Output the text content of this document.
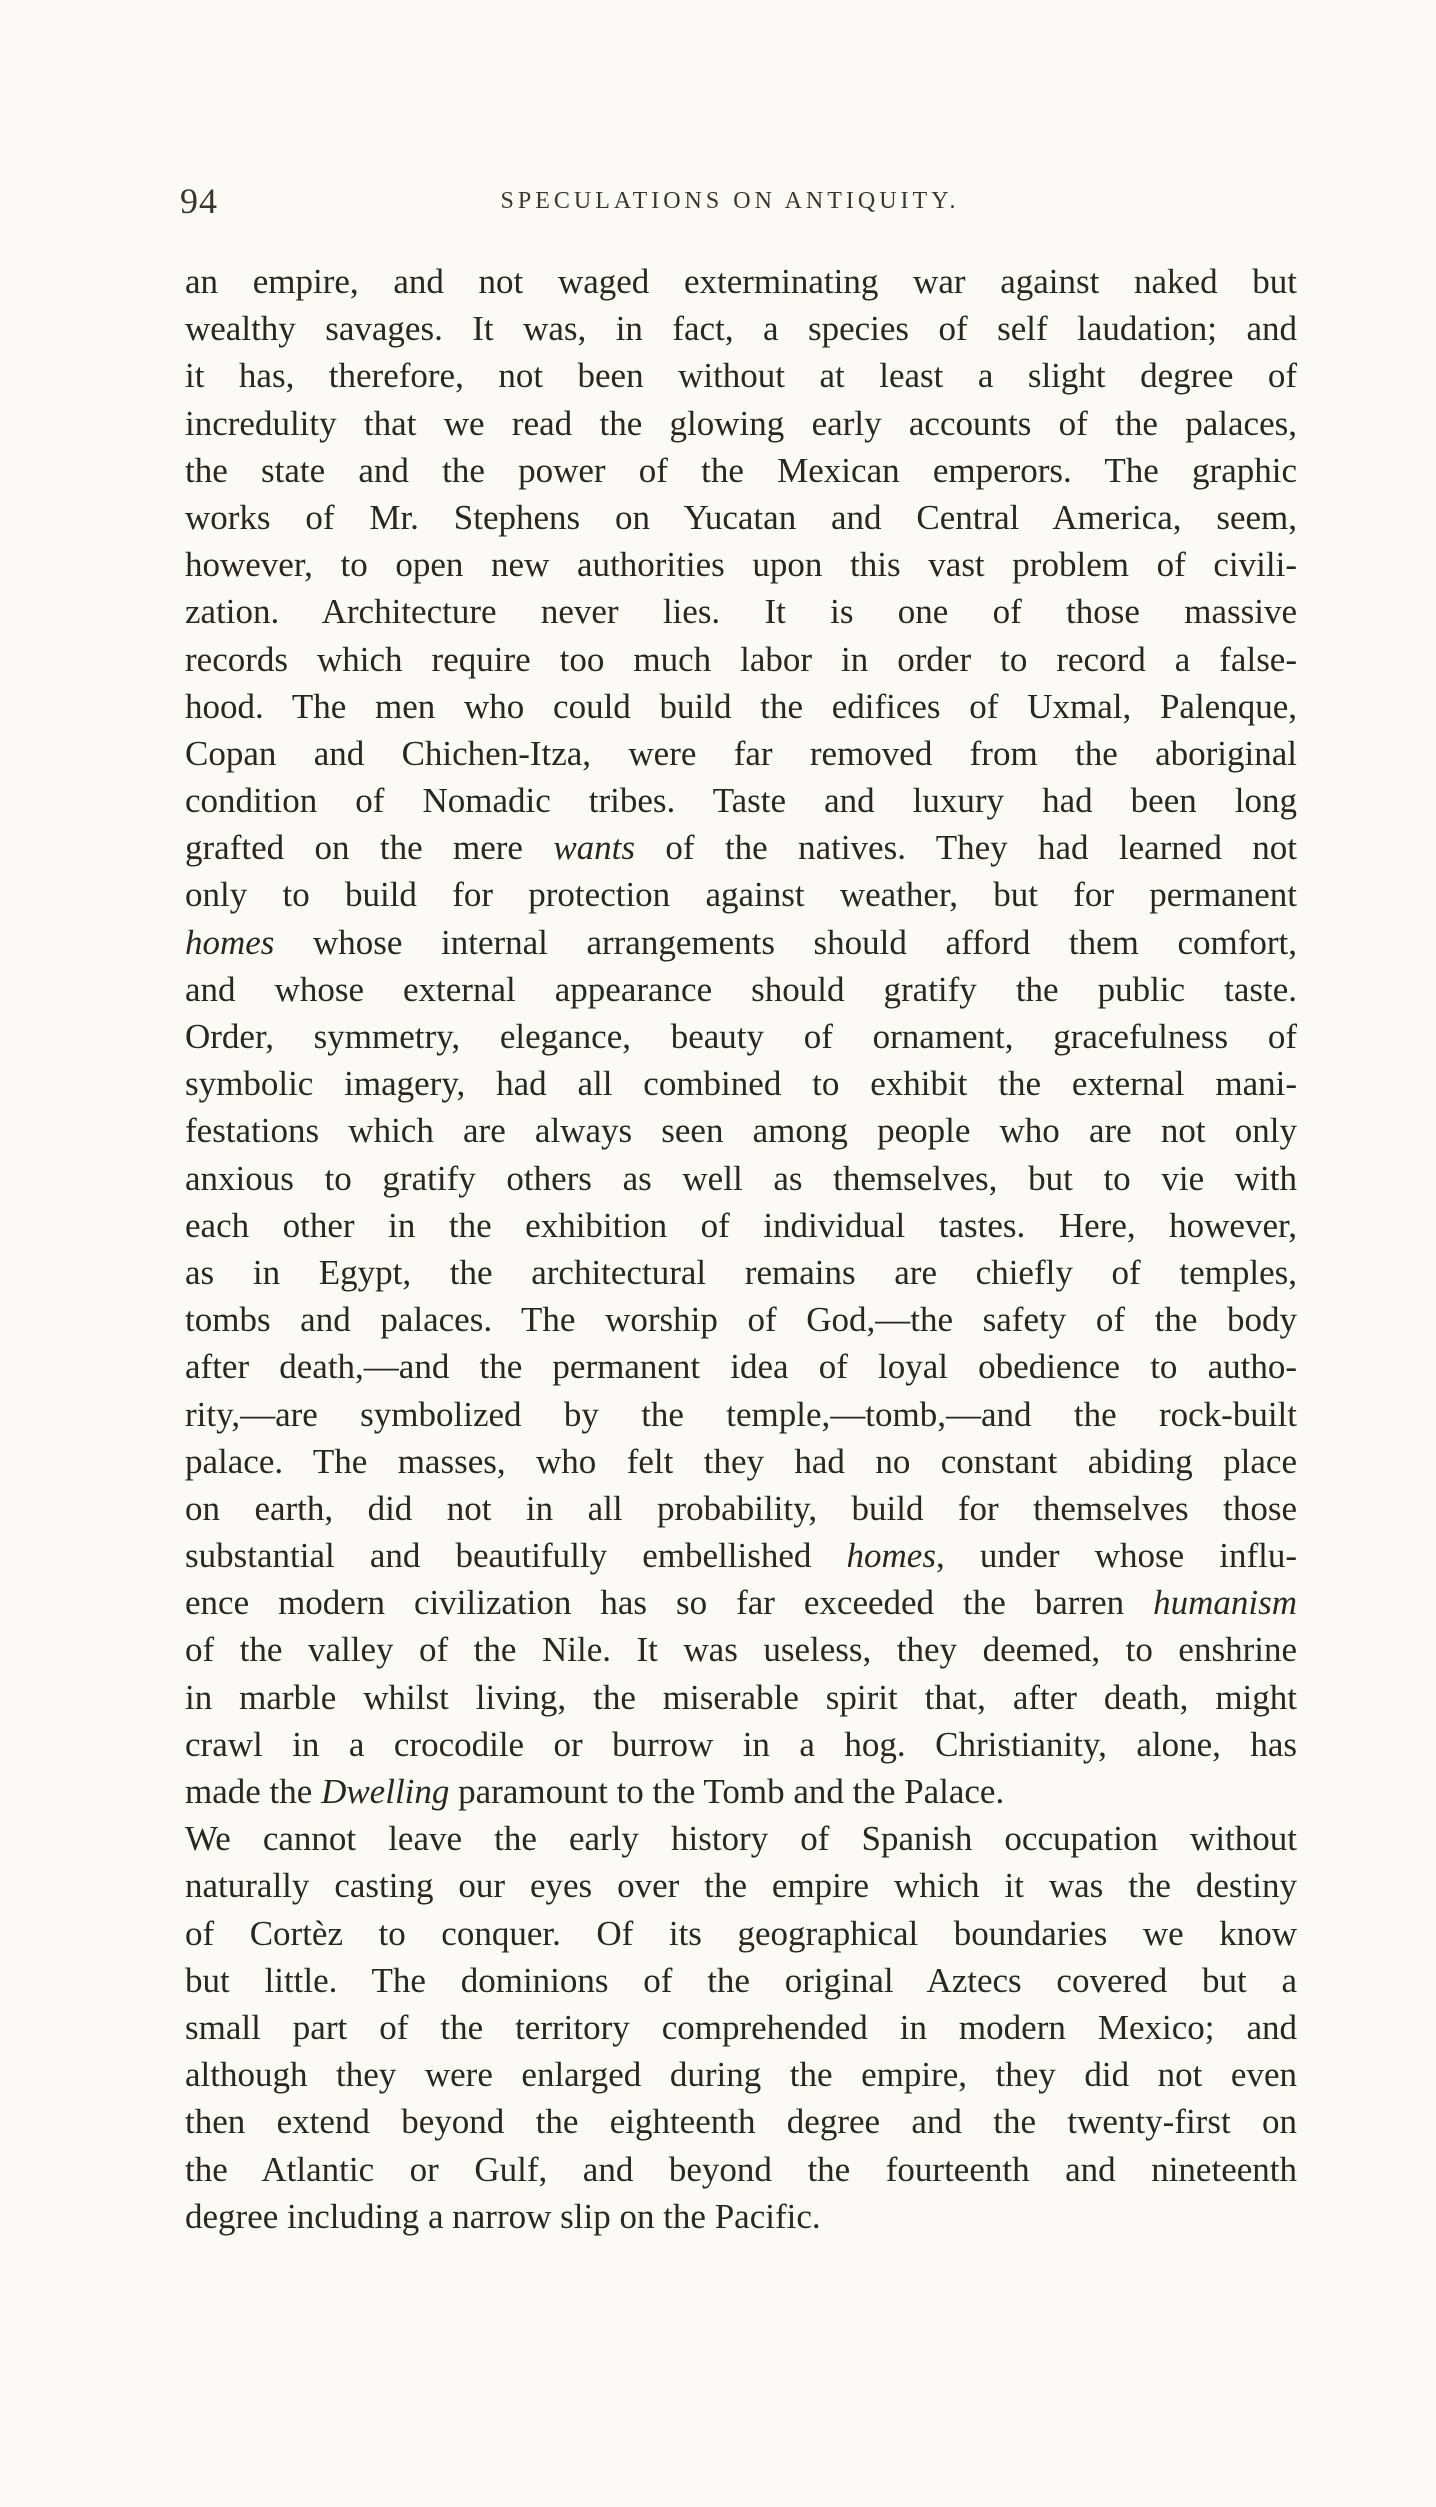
94	SPECULATIONS ON ANTIQUITY.
an empire, and not waged exterminating war against naked but
wealthy savages. It was, in fact, a species of self laudation; and
it has, therefore, not been without at least a slight degree of
incredulity that we read the glowing early accounts of the palaces,
the state and the power of the Mexican emperors. The graphic
works of Mr. Stephens on Yucatan and Central America, seem,
however, to open new authorities upon this vast problem of civili-
zation. Architecture never lies. It is one of those massive
records which require too much labor in order to record a false-
hood. The men who could build the edifices of Uxmal, Palenque,
Copan and Chichen-Itza, were far removed from the aboriginal
condition of Nomadic tribes. Taste and luxury had been long
grafted on the mere wants of the natives. They had learned not
only to build for protection against weather, but for permanent
homes whose internal arrangements should afford them comfort,
and whose external appearance should gratify the public taste.
Order, symmetry, elegance, beauty of ornament, gracefulness of
symbolic imagery, had all combined to exhibit the external mani-
festations which are always seen among people who are not only
anxious to gratify others as well as themselves, but to vie with
each other in the exhibition of individual tastes. Here, however,
as in Egypt, the architectural remains are chiefly of temples,
tombs and palaces. The worship of God,—the safety of the body
after death,—and the permanent idea of loyal obedience to autho-
rity,—are symbolized by the temple,—tomb,—and the rock-built
palace. The masses, who felt they had no constant abiding place
on earth, did not in all probability, build for themselves those
substantial and beautifully embellished homes, under whose influ-
ence modern civilization has so far exceeded the barren humanism
of the valley of the Nile. It was useless, they deemed, to enshrine
in marble whilst living, the miserable spirit that, after death, might
crawl in a crocodile or burrow in a hog. Christianity, alone, has
made the Dwelling paramount to the Tomb and the Palace.
We cannot leave the early history of Spanish occupation without
naturally casting our eyes over the empire which it was the destiny
of Cortèz to conquer. Of its geographical boundaries we know
but little. The dominions of the original Aztecs covered but a
small part of the territory comprehended in modern Mexico; and
although they were enlarged during the empire, they did not even
then extend beyond the eighteenth degree and the twenty-first on
the Atlantic or Gulf, and beyond the fourteenth and nineteenth
degree including a narrow slip on the Pacific.
